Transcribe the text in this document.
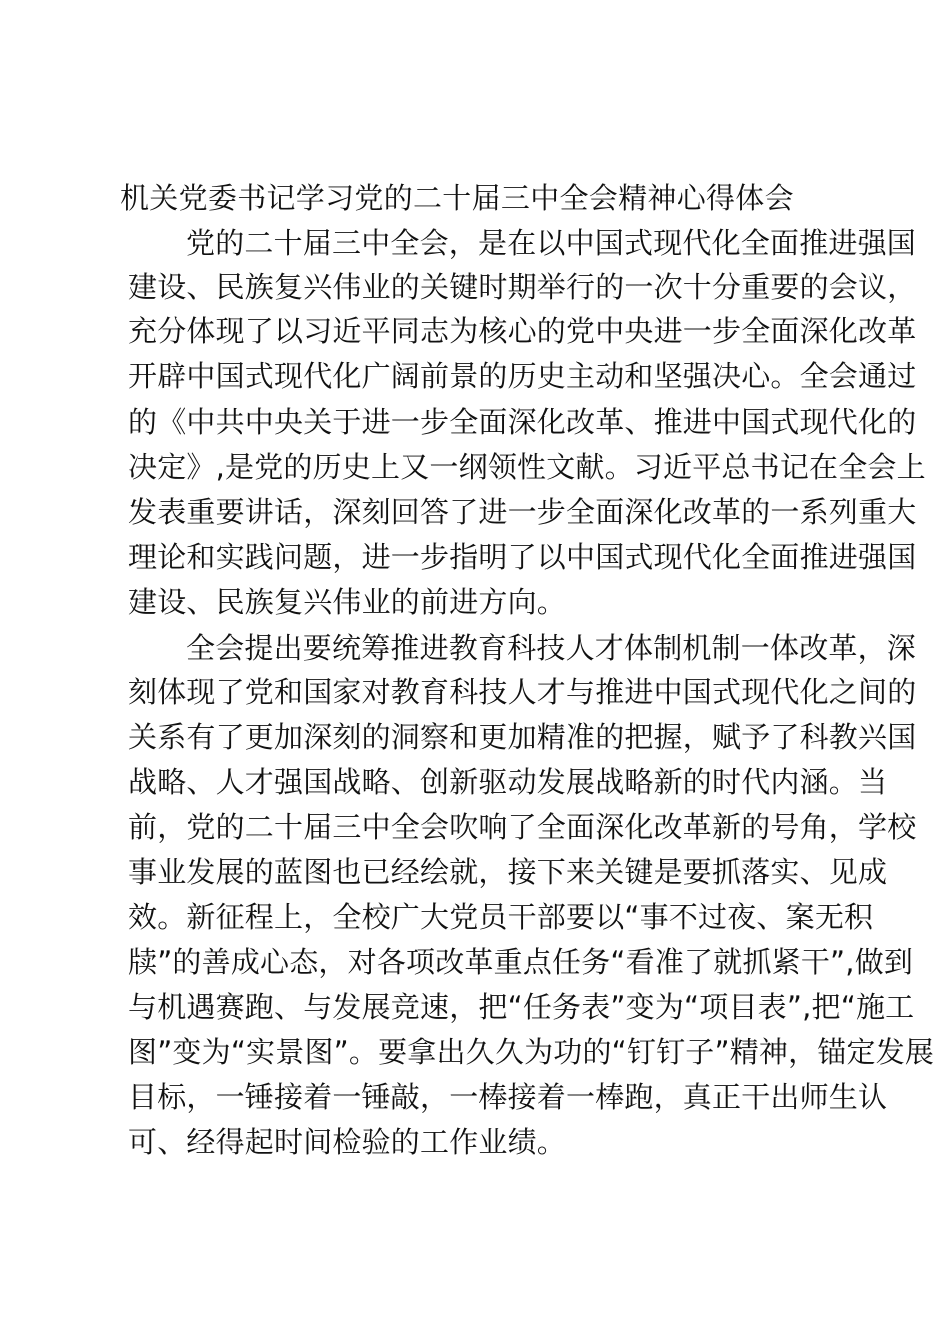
机关党委书记学习党的二十届三中全会精神心得体会

党的二十届三中全会，是在以中国式现代化全面推进强国

建设、民族复兴伟业的关键时期举行的一次十分重要的会议，

充分体现了以习近平同志为核心的党中央进一步全面深化改革

开辟中国式现代化广阔前景的历史主动和坚强决心。全会通过

的《中共中央关于进一步全面深化改革、推进中国式现代化的

决定》,是党的历史上又一纲领性文献。习近平总书记在全会上

发表重要讲话，深刻回答了进一步全面深化改革的一系列重大

理论和实践问题，进一步指明了以中国式现代化全面推进强国

建设、民族复兴伟业的前进方向。

全会提出要统筹推进教育科技人才体制机制一体改革，深

刻体现了党和国家对教育科技人才与推进中国式现代化之间的

关系有了更加深刻的洞察和更加精准的把握，赋予了科教兴国

战略、人才强国战略、创新驱动发展战略新的时代内涵。当

前，党的二十届三中全会吹响了全面深化改革新的号角，学校

事业发展的蓝图也已经绘就，接下来关键是要抓落实、见成

效。新征程上，全校广大党员干部要以“事不过夜、案无积

牍”的善成心态，对各项改革重点任务“看准了就抓紧干”,做到

与机遇赛跑、与发展竞速，把“任务表”变为“项目表”,把“施工

图”变为“实景图”。要拿出久久为功的“钉钉子”精神，锚定发展

目标，一锤接着一锤敲，一棒接着一棒跑，真正干出师生认

可、经得起时间检验的工作业绩。
